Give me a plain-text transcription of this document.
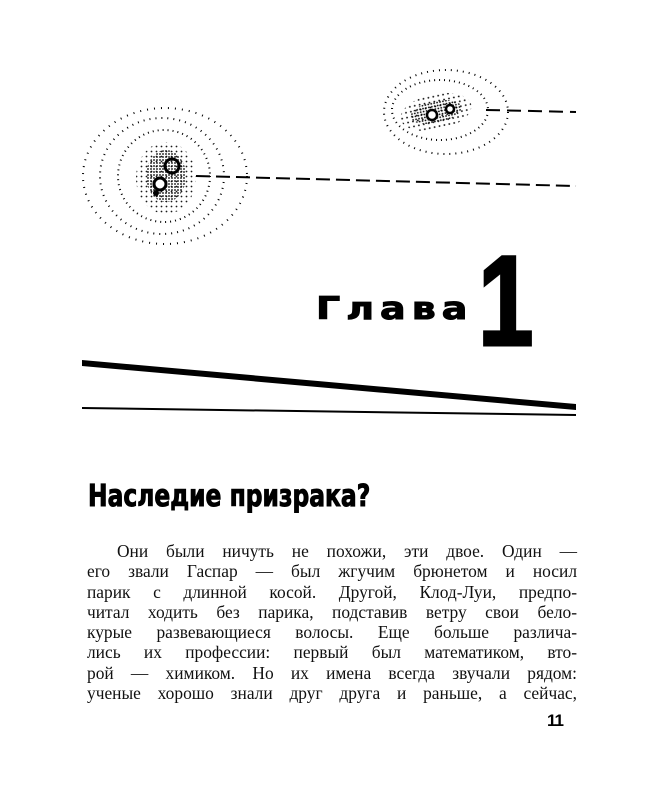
Глава 1
Наследие призрака?
Они были ничуть не похожи, эти двое. Один —
его звали Гаспар — был жгучим брюнетом и носил
парик с длинной косой. Другой, Клод-Луи, предпо-
читал ходить без парика, подставив ветру свои бело-
курые развевающиеся волосы. Еще больше различа-
лись их профессии: первый был математиком, вто-
рой — химиком. Но их имена всегда звучали рядом:
ученые хорошо знали друг друга и раньше, а сейчас,
11
